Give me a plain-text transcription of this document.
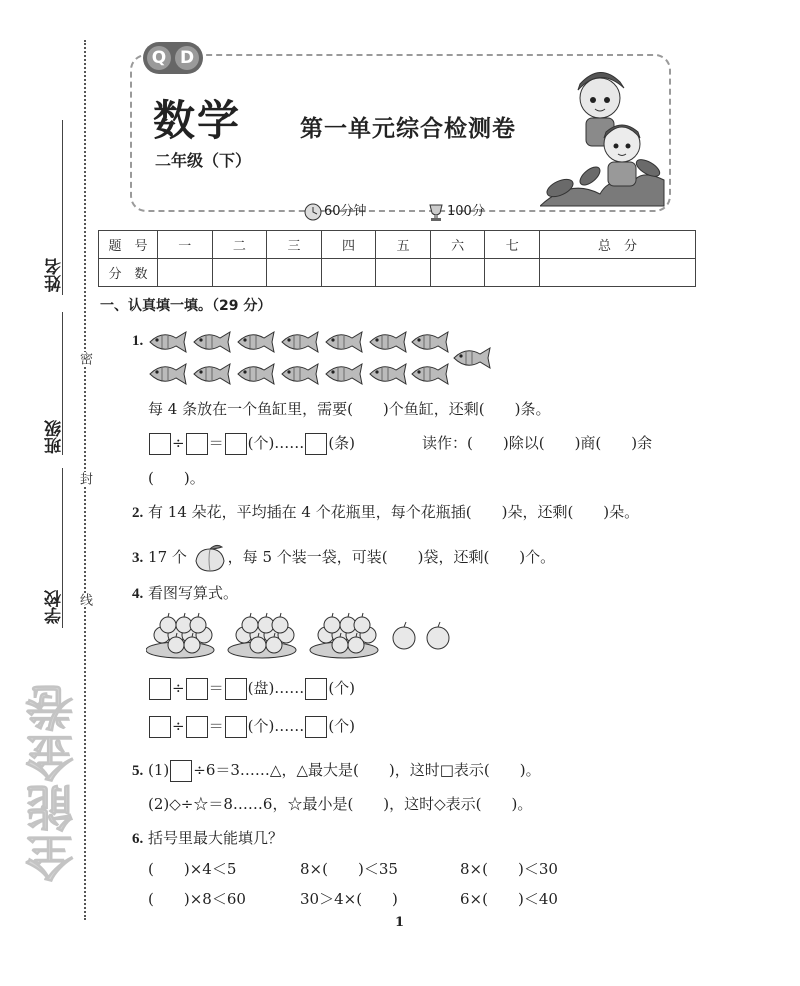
姓名
班级
学校
密
封
线
全能金卷
Q D
数学
二年级（下）
第一单元综合检测卷
60分钟	100分
题　号	一	二	三	四	五	六	七	总　分
分　数								
一、认真填一填。（29 分）
1.
每 4 条放在一个鱼缸里，需要(　　)个鱼缸，还剩(　　)条。
÷ ＝ (个)…… (条)	读作：(　　)除以(　　)商(　　)余
(　　)。
2. 有 14 朵花，平均插在 4 个花瓶里，每个花瓶插(　　)朵，还剩(　　)朵。
3. 17 个	，每 5 个装一袋，可装(　　)袋，还剩(　　)个。
4. 看图写算式。
÷ ＝ (盘)…… (个)
÷ ＝ (个)…… (个)
5. (1) ÷6＝3……△，△最大是(　　)，这时□表示(　　)。
(2)◇÷☆＝8……6，☆最小是(　　)，这时◇表示(　　)。
6. 括号里最大能填几？
(　　)×4＜5	8×(　　)＜35	8×(　　)＜30
(　　)×8＜60	30＞4×(　　)	6×(　　)＜40
1
